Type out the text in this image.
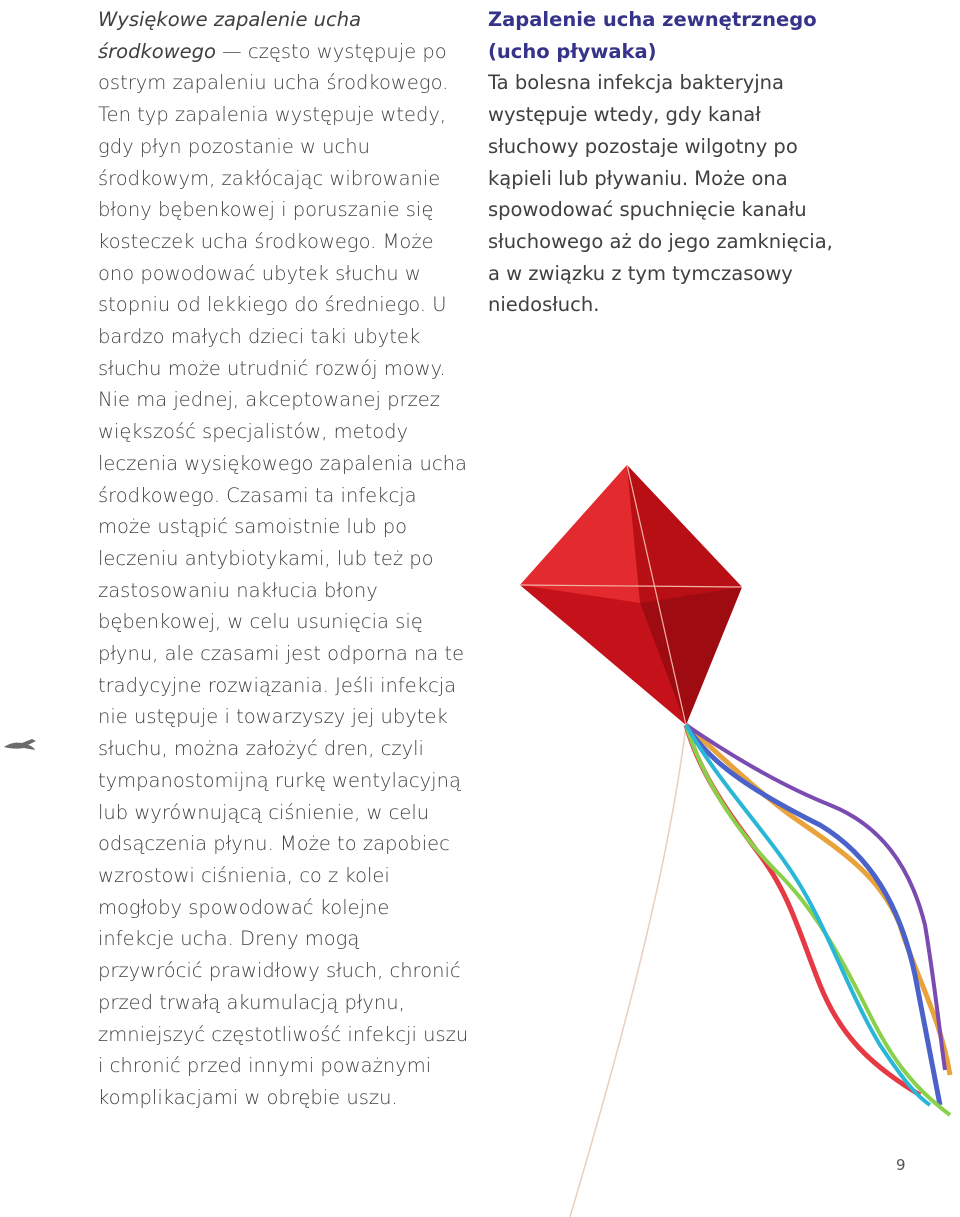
Wysiękowe zapalenie ucha środkowego — często występuje po ostrym zapaleniu ucha środkowego. Ten typ zapalenia występuje wtedy, gdy płyn pozostanie w uchu środkowym, zakłócając wibrowanie błony bębenkowej i poruszanie się kosteczek ucha środkowego. Może ono powodować ubytek słuchu w stopniu od lekkiego do średniego. U bardzo małych dzieci taki ubytek słuchu może utrudnić rozwój mowy. Nie ma jednej, akceptowanej przez większość specjalistów, metody leczenia wysiękowego zapalenia ucha środkowego. Czasami ta infekcja może ustąpić samoistnie lub po leczeniu antybiotykami, lub też po zastosowaniu nakłucia błony bębenkowej, w celu usunięcia się płynu, ale czasami jest odporna na te tradycyjne rozwiązania. Jeśli infekcja nie ustępuje i towarzyszy jej ubytek słuchu, można założyć dren, czyli tympanostomijną rurkę wentylacyjną lub wyrównującą ciśnienie, w celu odsączenia płynu. Może to zapobiec wzrostowi ciśnienia, co z kolei mogłoby spowodować kolejne infekcje ucha. Dreny mogą przywrócić prawidłowy słuch, chronić przed trwałą akumulacją płynu, zmniejszyć częstotliwość infekcji uszu i chronić przed innymi poważnymi komplikacjami w obrębie uszu.

Zapalenie ucha zewnętrznego (ucho pływaka)

Ta bolesna infekcja bakteryjna występuje wtedy, gdy kanał słuchowy pozostaje wilgotny po kąpieli lub pływaniu. Może ona spowodować spuchnięcie kanału słuchowego aż do jego zamknięcia, a w związku z tym tymczasowy niedosłuch.

9
